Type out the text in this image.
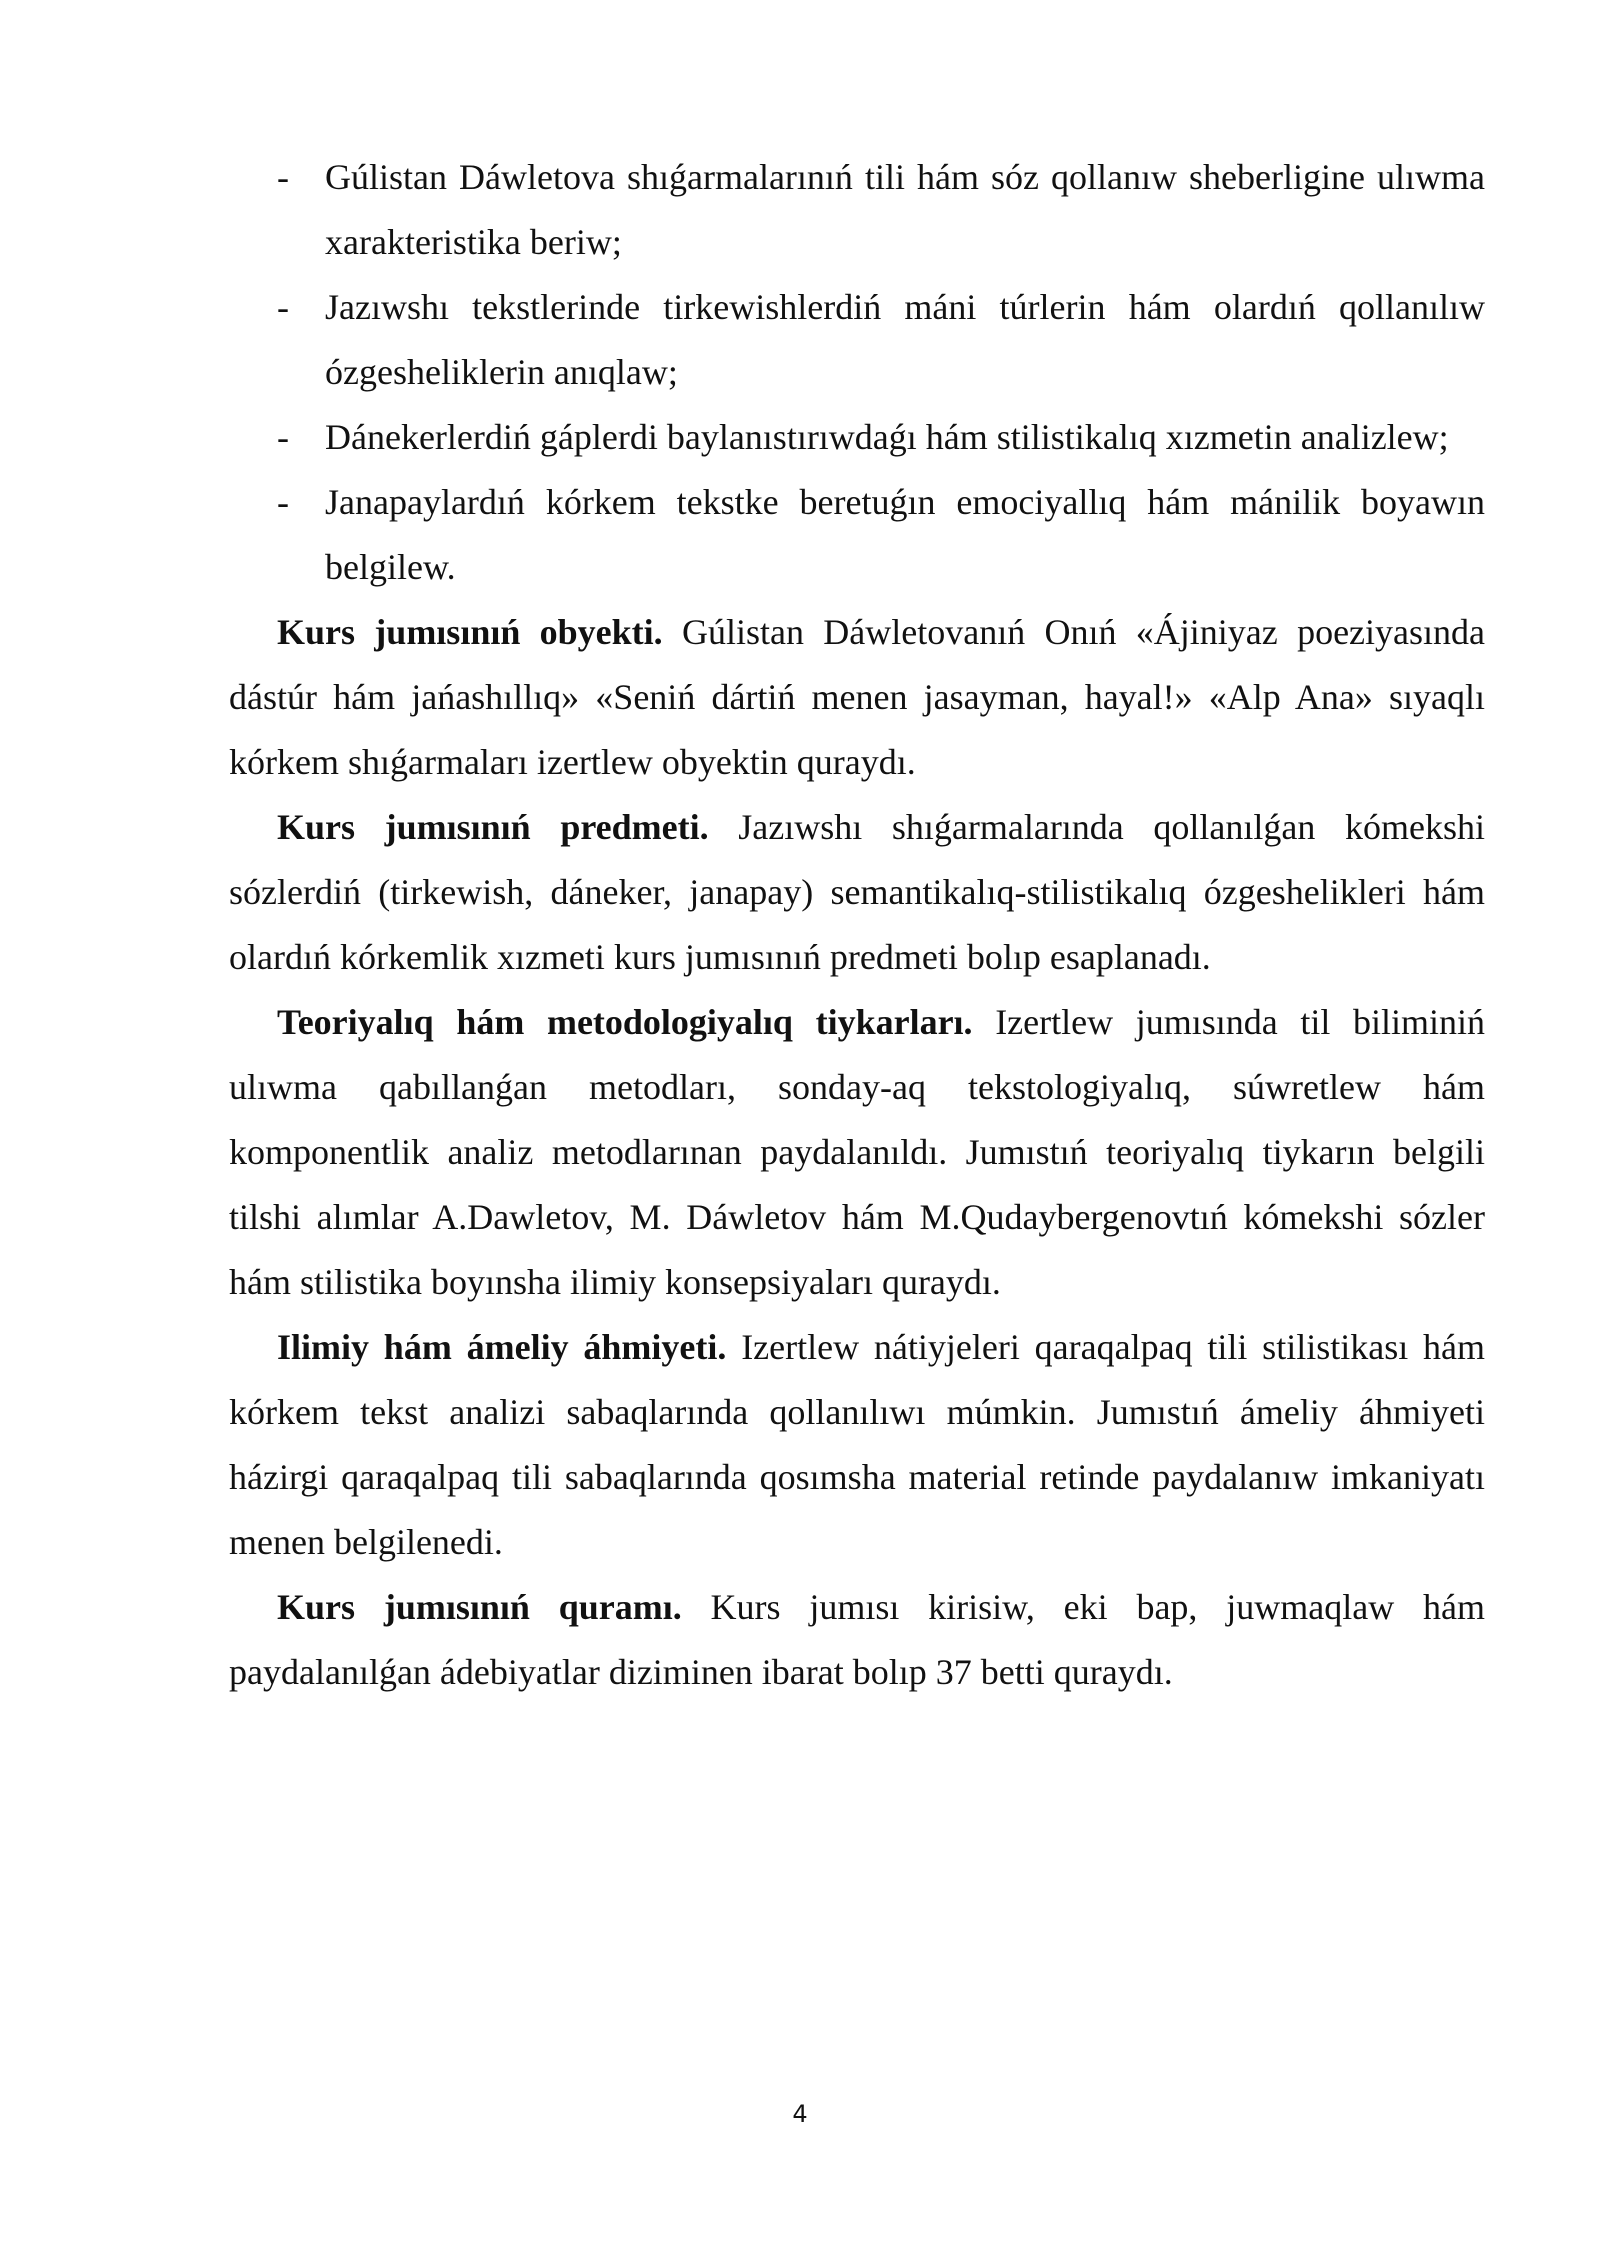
- Gúlistan Dáwletova shıǵarmalarınıń tili hám sóz qollanıw sheberligine ulıwma xarakteristika beriw;
- Jazıwshı tekstlerinde tirkewishlerdiń máni túrlerin hám olardıń qollanılıw ózgesheliklerin anıqlaw;
- Dánekerlerdiń gáplerdi baylanıstırıwdaǵı hám stilistikalıq xızmetin analizlew;
- Janapaylardıń kórkem tekstke beretuǵın emociyallıq hám mánilik boyawın belgilew.

Kurs jumısınıń obyekti. Gúlistan Dáwletovanıń Onıń «Ájiniyaz poeziyasında dástúr hám jańashıllıq» «Seniń dártiń menen jasayman, hayal!» «Alp Ana» sıyaqlı kórkem shıǵarmaları izertlew obyektin quraydı.

Kurs jumısınıń predmeti. Jazıwshı shıǵarmalarında qollanılǵan kómekshi sózlerdiń (tirkewish, dáneker, janapay) semantikalıq-stilistikalıq ózgeshelikleri hám olardıń kórkemlik xızmeti kurs jumısınıń predmeti bolıp esaplanadı.

Teoriyalıq hám metodologiyalıq tiykarları. Izertlew jumısında til biliminiń ulıwma qabıllanǵan metodları, sonday-aq tekstologiyalıq, súwretlew hám komponentlik analiz metodlarınan paydalanıldı. Jumıstıń teoriyalıq tiykarın belgili tilshi alımlar A.Dawletov, M. Dáwletov hám M.Qudaybergenovtıń kómekshi sózler hám stilistika boyınsha ilimiy konsepsiyaları quraydı.

Ilimiy hám ámeliy áhmiyeti. Izertlew nátiyjeleri qaraqalpaq tili stilistikası hám kórkem tekst analizi sabaqlarında qollanılıwı múmkin. Jumıstıń ámeliy áhmiyeti házirgi qaraqalpaq tili sabaqlarında qosımsha material retinde paydalanıw imkaniyatı menen belgilenedi.

Kurs jumısınıń quramı. Kurs jumısı kirisiw, eki bap, juwmaqlaw hám paydalanılǵan ádebiyatlar diziminen ibarat bolıp 37 betti quraydı.

4
